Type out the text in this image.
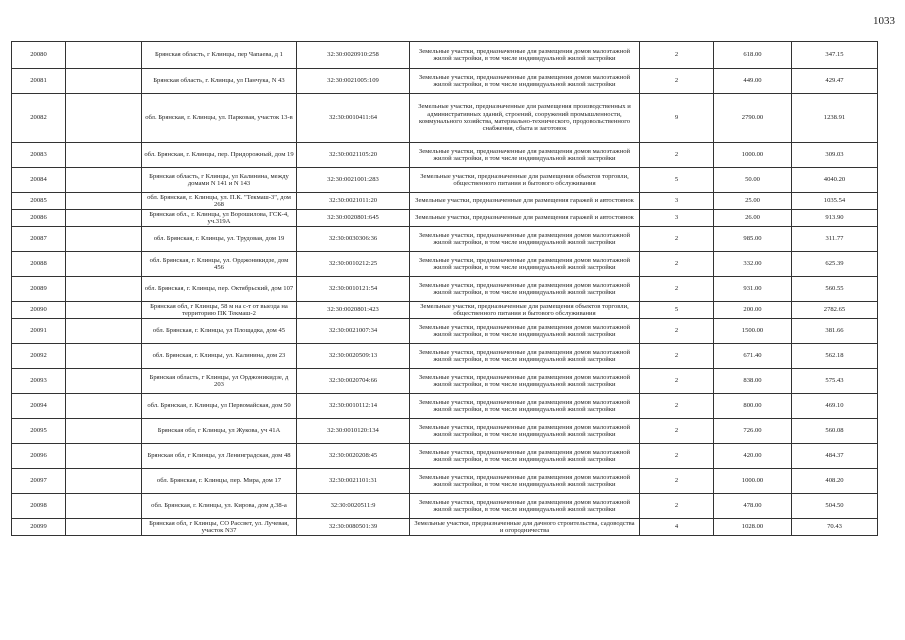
1033
20080		Брянская область, г Клинцы, пер Чапаева, д 1	32:30:0020910:258	Земельные участки, предназначенные для размещения домов малоэтажной жилой застройки, в том числе индивидуальной жилой застройки	2	618.00	347.15	
20081		Брянская область, г. Клинцы, ул Панчука, N 43	32:30:0021005:109	Земельные участки, предназначенные для размещения домов малоэтажной жилой застройки, в том числе индивидуальной жилой застройки	2	449.00	429.47	
20082		обл. Брянская, г. Клинцы, ул. Парковая, участок 13-в	32:30:0010411:64	Земельные участки, предназначенные для размещения производственных и административных зданий, строений, сооружений промышленности, коммунального хозяйства, материально-технического, продовольственного снабжения, сбыта и заготовок	9	2790.00	1238.91	
20083		обл. Брянская, г. Клинцы, пер. Придорожный, дом 19	32:30:0021105:20	Земельные участки, предназначенные для размещения домов малоэтажной жилой застройки, в том числе индивидуальной жилой застройки	2	1000.00	309.03	
20084		Брянская область, г Клинцы, ул Калинина, между домами N 141 и N 143	32:30:0021001:283	Земельные участки, предназначенные для размещения объектов торговли, общественного питания и бытового обслуживания	5	50.00	4040.20	
20085		обл. Брянская, г. Клинцы, ул. П.К. "Текмаш-3", дом 268	32:30:0021011:20	Земельные участки, предназначенные для размещения гаражей и автостоянок	3	25.00	1035.54	
20086		Брянская обл., г. Клинцы, ул Ворошилова, ГСК-4, уч.319А	32:30:0020801:645	Земельные участки, предназначенные для размещения гаражей и автостоянок	3	26.00	913.90	
20087		обл. Брянская, г. Клинцы, ул. Трудовая, дом 19	32:30:0030306:36	Земельные участки, предназначенные для размещения домов малоэтажной жилой застройки, в том числе индивидуальной жилой застройки	2	985.00	311.77	
20088		обл. Брянская, г. Клинцы, ул. Орджоникидзе, дом 456	32:30:0010212:25	Земельные участки, предназначенные для размещения домов малоэтажной жилой застройки, в том числе индивидуальной жилой застройки	2	332.00	625.39	
20089		обл. Брянская, г. Клинцы, пер. Октябрьский, дом 107	32:30:0010121:54	Земельные участки, предназначенные для размещения домов малоэтажной жилой застройки, в том числе индивидуальной жилой застройки	2	931.00	560.55	
20090		Брянская обл, г Клинцы, 58 м на с-т от выезда на территорию ПК Текмаш-2	32:30:0020801:423	Земельные участки, предназначенные для размещения объектов торговли, общественного питания и бытового обслуживания	5	200.00	2782.65	
20091		обл. Брянская, г. Клинцы, ул Площадка, дом 45	32:30:0021007:34	Земельные участки, предназначенные для размещения домов малоэтажной жилой застройки, в том числе индивидуальной жилой застройки	2	1500.00	381.66	
20092		обл. Брянская, г. Клинцы, ул. Калинина, дом 23	32:30:0020509:13	Земельные участки, предназначенные для размещения домов малоэтажной жилой застройки, в том числе индивидуальной жилой застройки	2	671.40	562.18	
20093		Брянская область, г Клинцы, ул Орджоникидзе, д 203	32:30:0020704:66	Земельные участки, предназначенные для размещения домов малоэтажной жилой застройки, в том числе индивидуальной жилой застройки	2	838.00	575.43	
20094		обл. Брянская, г. Клинцы, ул Первомайская, дом 50	32:30:0010112:14	Земельные участки, предназначенные для размещения домов малоэтажной жилой застройки, в том числе индивидуальной жилой застройки	2	800.00	469.10	
20095		Брянская обл, г Клинцы, ул Жукова, уч 41А	32:30:0010120:134	Земельные участки, предназначенные для размещения домов малоэтажной жилой застройки, в том числе индивидуальной жилой застройки	2	726.00	560.08	
20096		Брянская обл, г Клинцы, ул Ленинградская, дом 48	32:30:0020208:45	Земельные участки, предназначенные для размещения домов малоэтажной жилой застройки, в том числе индивидуальной жилой застройки	2	420.00	484.37	
20097		обл. Брянская, г. Клинцы, пер. Мира, дом 17	32:30:0021101:31	Земельные участки, предназначенные для размещения домов малоэтажной жилой застройки, в том числе индивидуальной жилой застройки	2	1000.00	408.20	
20098		обл. Брянская, г. Клинцы, ул. Кирова, дом д.38-а	32:30:0020511:9	Земельные участки, предназначенные для размещения домов малоэтажной жилой застройки, в том числе индивидуальной жилой застройки	2	478.00	504.50	
20099		Брянская обл, г Клинцы, СО Рассвет, ул. Лучевая, участок N37	32:30:0080501:39	Земельные участки, предназначенные для дачного строительства, садоводства и огородничества	4	1028.00	70.43	
